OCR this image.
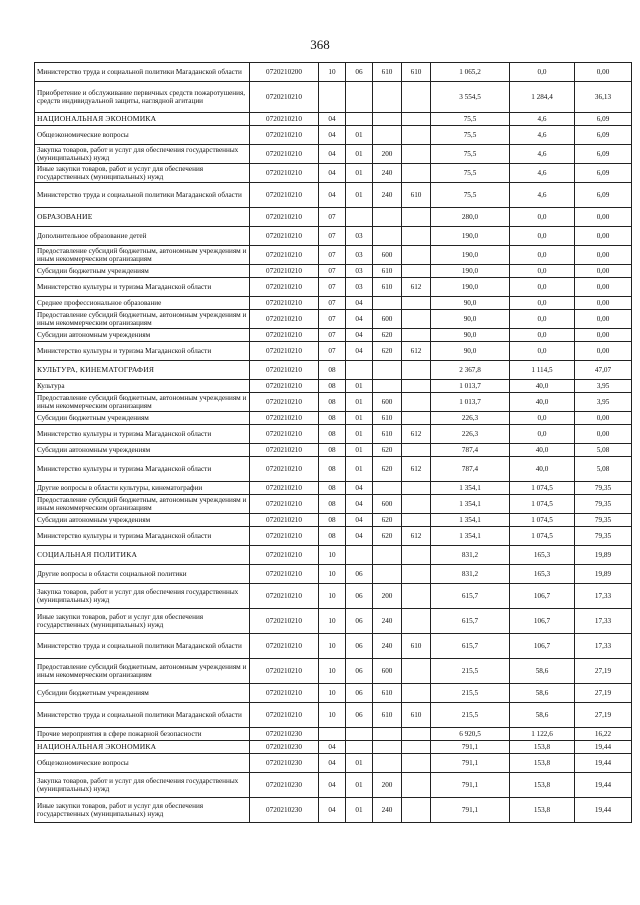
368
Министерство труда и социальной политики Магаданской области	0720210200	10	06	610	610	1 065,2	0,0	0,00
Приобретение и обслуживание первичных средств пожаротушения, средств индивидуальной защиты, наглядной агитации	0720210210					3 554,5	1 284,4	36,13
НАЦИОНАЛЬНАЯ ЭКОНОМИКА	0720210210	04				75,5	4,6	6,09
Общеэкономические вопросы	0720210210	04	01			75,5	4,6	6,09
Закупка товаров, работ и услуг для обеспечения государственных (муниципальных) нужд	0720210210	04	01	200		75,5	4,6	6,09
Иные закупки товаров, работ и услуг для обеспечения государственных (муниципальных) нужд	0720210210	04	01	240		75,5	4,6	6,09
Министерство труда и социальной политики Магаданской области	0720210210	04	01	240	610	75,5	4,6	6,09
ОБРАЗОВАНИЕ	0720210210	07				280,0	0,0	0,00
Дополнительное образование детей	0720210210	07	03			190,0	0,0	0,00
Предоставление субсидий бюджетным, автономным учреждениям и иным некоммерческим организациям	0720210210	07	03	600		190,0	0,0	0,00
Субсидии бюджетным учреждениям	0720210210	07	03	610		190,0	0,0	0,00
Министерство культуры и туризма Магаданской области	0720210210	07	03	610	612	190,0	0,0	0,00
Среднее профессиональное образование	0720210210	07	04			90,0	0,0	0,00
Предоставление субсидий бюджетным, автономным учреждениям и иным некоммерческим организациям	0720210210	07	04	600		90,0	0,0	0,00
Субсидии автономным учреждениям	0720210210	07	04	620		90,0	0,0	0,00
Министерство культуры и туризма Магаданской области	0720210210	07	04	620	612	90,0	0,0	0,00
КУЛЬТУРА, КИНЕМАТОГРАФИЯ	0720210210	08				2 367,8	1 114,5	47,07
Культура	0720210210	08	01			1 013,7	40,0	3,95
Предоставление субсидий бюджетным, автономным учреждениям и иным некоммерческим организациям	0720210210	08	01	600		1 013,7	40,0	3,95
Субсидии бюджетным учреждениям	0720210210	08	01	610		226,3	0,0	0,00
Министерство культуры и туризма Магаданской области	0720210210	08	01	610	612	226,3	0,0	0,00
Субсидии автономным учреждениям	0720210210	08	01	620		787,4	40,0	5,08
Министерство культуры и туризма Магаданской области	0720210210	08	01	620	612	787,4	40,0	5,08
Другие вопросы в области культуры, кинематографии	0720210210	08	04			1 354,1	1 074,5	79,35
Предоставление субсидий бюджетным, автономным учреждениям и иным некоммерческим организациям	0720210210	08	04	600		1 354,1	1 074,5	79,35
Субсидии автономным учреждениям	0720210210	08	04	620		1 354,1	1 074,5	79,35
Министерство культуры и туризма Магаданской области	0720210210	08	04	620	612	1 354,1	1 074,5	79,35
СОЦИАЛЬНАЯ ПОЛИТИКА	0720210210	10				831,2	165,3	19,89
Другие вопросы в области социальной политики	0720210210	10	06			831,2	165,3	19,89
Закупка товаров, работ и услуг для обеспечения государственных (муниципальных) нужд	0720210210	10	06	200		615,7	106,7	17,33
Иные закупки товаров, работ и услуг для обеспечения государственных (муниципальных) нужд	0720210210	10	06	240		615,7	106,7	17,33
Министерство труда и социальной политики Магаданской области	0720210210	10	06	240	610	615,7	106,7	17,33
Предоставление субсидий бюджетным, автономным учреждениям и иным некоммерческим организациям	0720210210	10	06	600		215,5	58,6	27,19
Субсидии бюджетным учреждениям	0720210210	10	06	610		215,5	58,6	27,19
Министерство труда и социальной политики Магаданской области	0720210210	10	06	610	610	215,5	58,6	27,19
Прочие мероприятия в сфере пожарной безопасности	0720210230					6 920,5	1 122,6	16,22
НАЦИОНАЛЬНАЯ ЭКОНОМИКА	0720210230	04				791,1	153,8	19,44
Общеэкономические вопросы	0720210230	04	01			791,1	153,8	19,44
Закупка товаров, работ и услуг для обеспечения государственных (муниципальных) нужд	0720210230	04	01	200		791,1	153,8	19,44
Иные закупки товаров, работ и услуг для обеспечения государственных (муниципальных) нужд	0720210230	04	01	240		791,1	153,8	19,44
